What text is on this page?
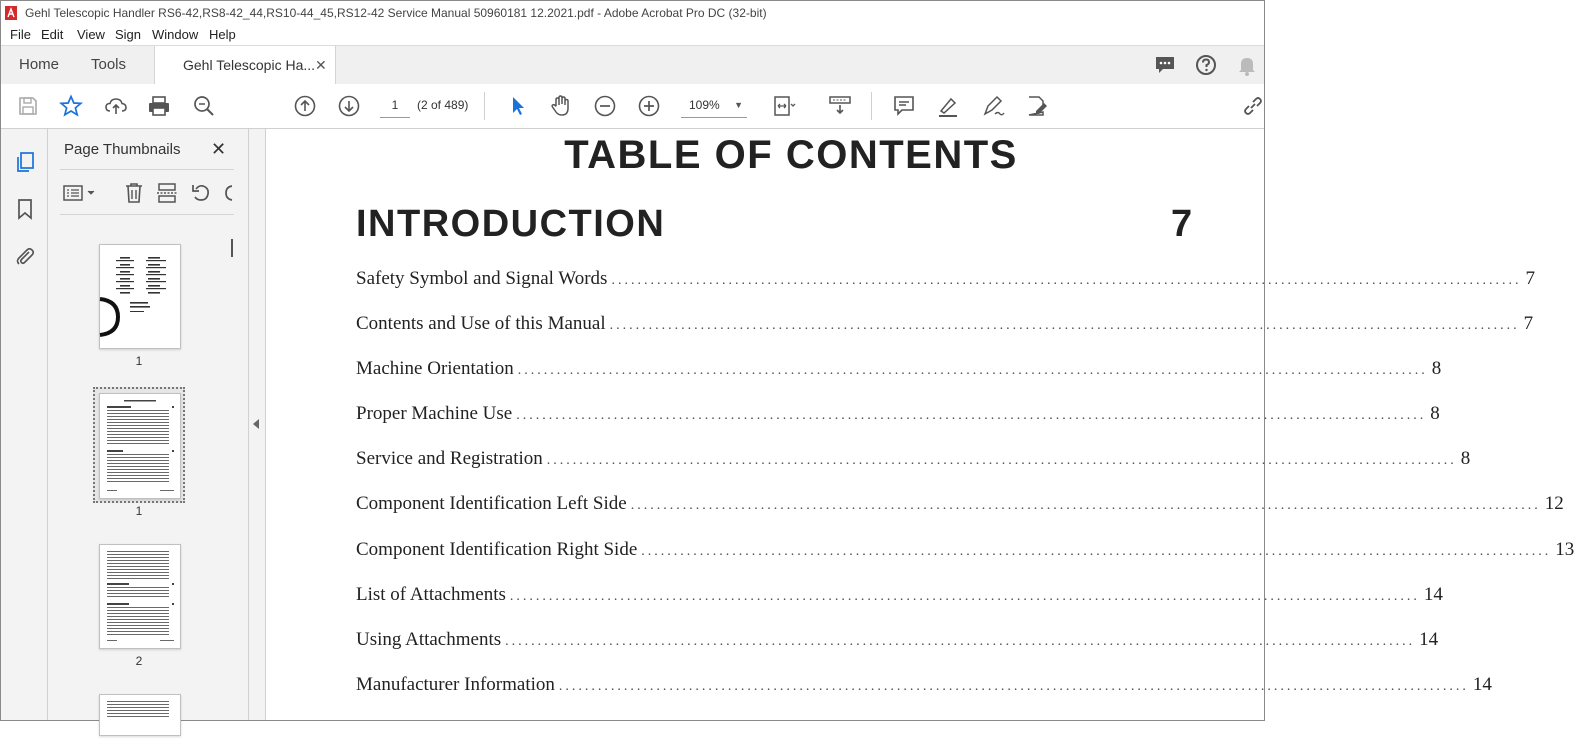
Gehl Telescopic Handler RS6-42,RS8-42_44,RS10-44_45,RS12-42 Service Manual 50960181 12.2021.pdf - Adobe Acrobat Pro DC (32-bit)
File Edit View Sign Window Help
Home Tools	Gehl Telescopic Ha... ✕
1	(2 of 489)	109% ▼
Page Thumbnails ✕
1
1
2
TABLE OF CONTENTS
INTRODUCTION	7
Safety Symbol and Signal Words ............................................................................................................................................ 7
Contents and Use of this Manual ............................................................................................................................................ 7
Machine Orientation ............................................................................................................................................ 8
Proper Machine Use ............................................................................................................................................ 8
Service and Registration ............................................................................................................................................ 8
Component Identification Left Side ............................................................................................................................................ 12
Component Identification Right Side ............................................................................................................................................ 13
List of Attachments ............................................................................................................................................ 14
Using Attachments ............................................................................................................................................ 14
Manufacturer Information ............................................................................................................................................ 14
